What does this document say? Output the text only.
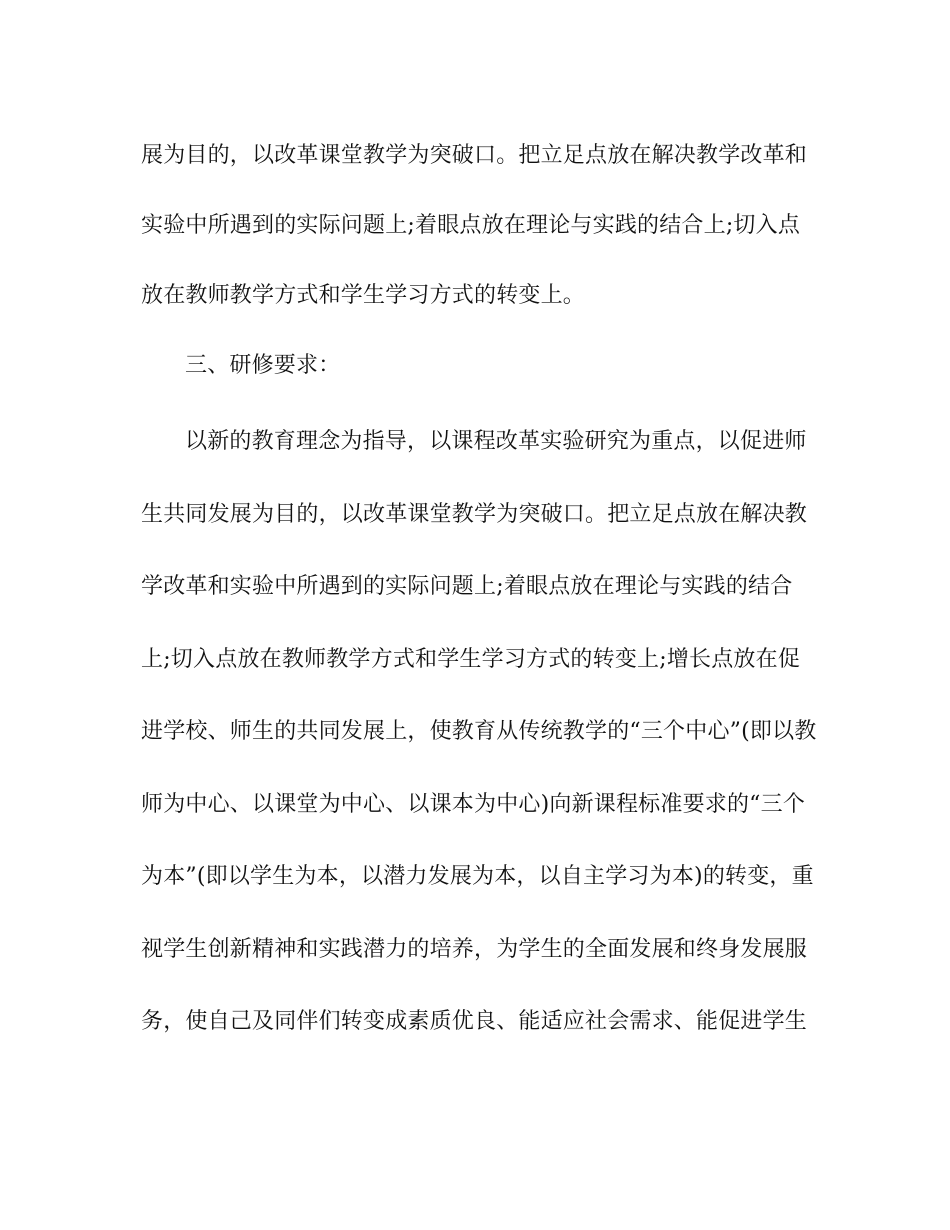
展为目的，以改革课堂教学为突破口。把立足点放在解决教学改革和
实验中所遇到的实际问题上;着眼点放在理论与实践的结合上;切入点
放在教师教学方式和学生学习方式的转变上。
三、研修要求：
以新的教育理念为指导，以课程改革实验研究为重点，以促进师
生共同发展为目的，以改革课堂教学为突破口。把立足点放在解决教
学改革和实验中所遇到的实际问题上;着眼点放在理论与实践的结合
上;切入点放在教师教学方式和学生学习方式的转变上;增长点放在促
进学校、师生的共同发展上，使教育从传统教学的“三个中心”(即以教
师为中心、以课堂为中心、以课本为中心)向新课程标准要求的“三个
为本”(即以学生为本，以潜力发展为本，以自主学习为本)的转变，重
视学生创新精神和实践潜力的培养，为学生的全面发展和终身发展服
务，使自己及同伴们转变成素质优良、能适应社会需求、能促进学生
